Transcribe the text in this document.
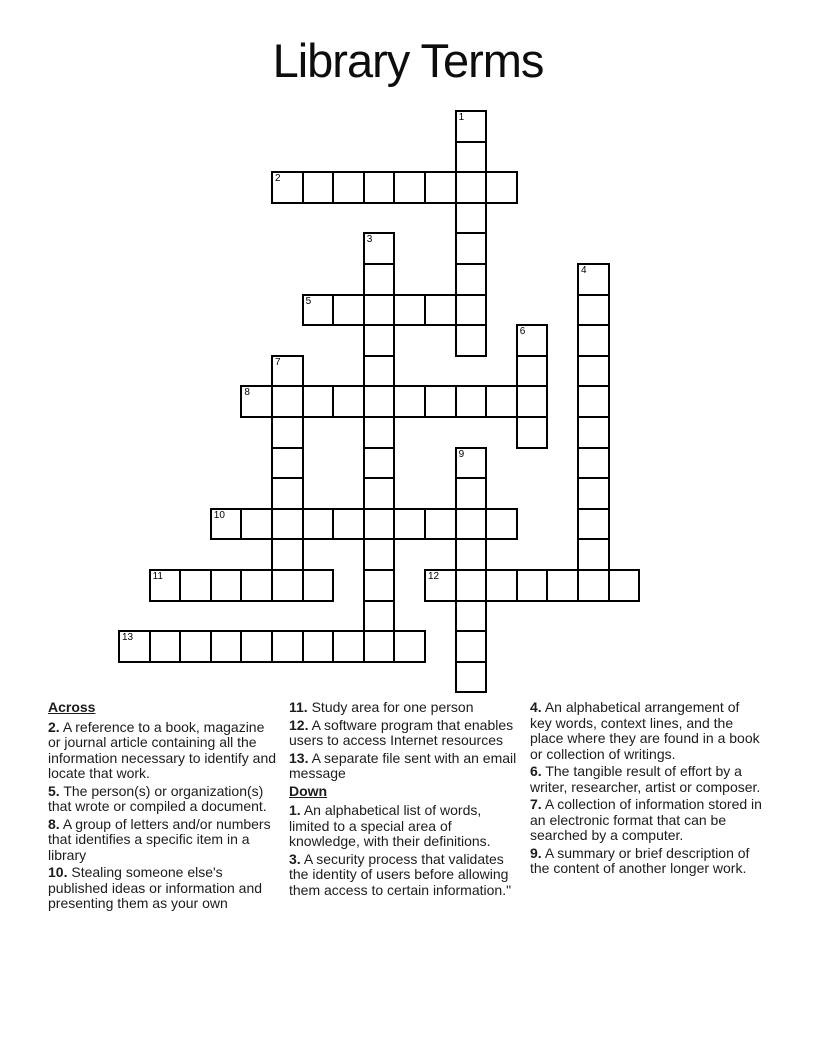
Library Terms
1
2
3
4
5
6
7
8
9
10
11	12
13

Across

2. A reference to a book, magazine or journal article containing all the information necessary to identify and locate that work.

5. The person(s) or organization(s) that wrote or compiled a document.

8. A group of letters and/or numbers that identifies a specific item in a library

10. Stealing someone else's published ideas or information and presenting them as your own

11. Study area for one person

12. A software program that enables users to access Internet resources

13. A separate file sent with an email message

Down

1. An alphabetical list of words, limited to a special area of knowledge, with their definitions.

3. A security process that validates the identity of users before allowing them access to certain information."

4. An alphabetical arrangement of key words, context lines, and the place where they are found in a book or collection of writings.

6. The tangible result of effort by a writer, researcher, artist or composer.

7. A collection of information stored in an electronic format that can be searched by a computer.

9. A summary or brief description of the content of another longer work.
